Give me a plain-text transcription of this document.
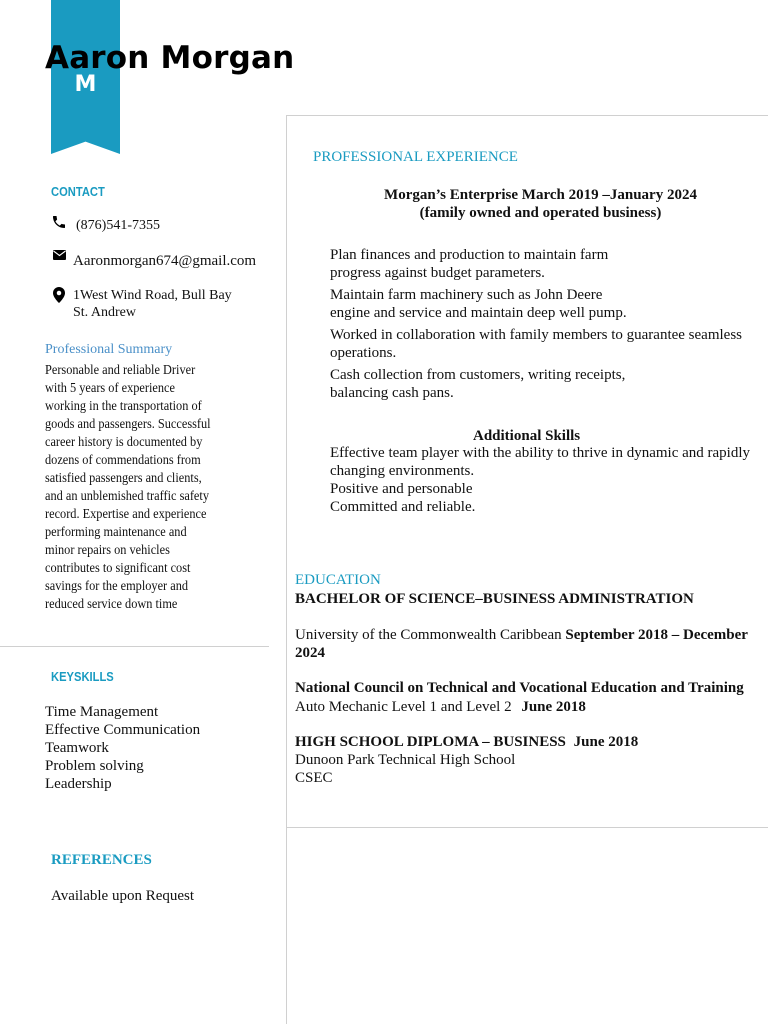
M
Aaron Morgan
CONTACT
(876)541-7355
Aaronmorgan674@gmail.com
1West Wind Road, Bull Bay
St. Andrew
Professional Summary
Personable and reliable Driver
with 5 years of experience
working in the transportation of
goods and passengers. Successful
career history is documented by
dozens of commendations from
satisfied passengers and clients,
and an unblemished traffic safety
record. Expertise and experience
performing maintenance and
minor repairs on vehicles
contributes to significant cost
savings for the employer and
reduced service down time
KEYSKILLS
Time Management
Effective Communication
Teamwork
Problem solving
Leadership
REFERENCES
Available upon Request
PROFESSIONAL EXPERIENCE
Morgan’s Enterprise March 2019 –January 2024
(family owned and operated business)
Plan finances and production to maintain farm
progress against budget parameters.
Maintain farm machinery such as John Deere
engine and service and maintain deep well pump.
Worked in collaboration with family members to guarantee seamless
operations.
Cash collection from customers, writing receipts,
balancing cash pans.
Additional Skills
Effective team player with the ability to thrive in dynamic and rapidly
changing environments.
Positive and personable
Committed and reliable.
EDUCATION
BACHELOR OF SCIENCE–BUSINESS ADMINISTRATION
University of the Commonwealth Caribbean September 2018 – December
2024
National Council on Technical and Vocational Education and Training
Auto Mechanic Level 1 and Level 2 June 2018
HIGH SCHOOL DIPLOMA – BUSINESS June 2018
Dunoon Park Technical High School
CSEC
